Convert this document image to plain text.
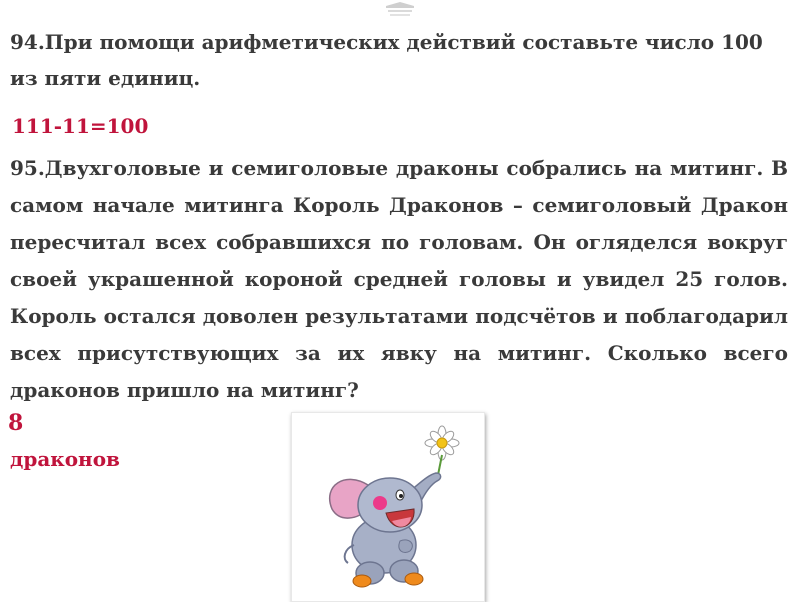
94.При помощи арифметических действий составьте число 100 из пяти единиц.

111-11=100

95.Двухголовые и семиголовые драконы собрались на митинг. В самом начале митинга Король Драконов – семиголовый Дракон пересчитал всех собравшихся по головам. Он огляделся вокруг своей украшенной короной средней головы и увидел 25 голов. Король остался доволен результатами подсчётов и поблагодарил всех присутствующих за их явку на митинг. Сколько всего драконов пришло на митинг?

8

драконов
